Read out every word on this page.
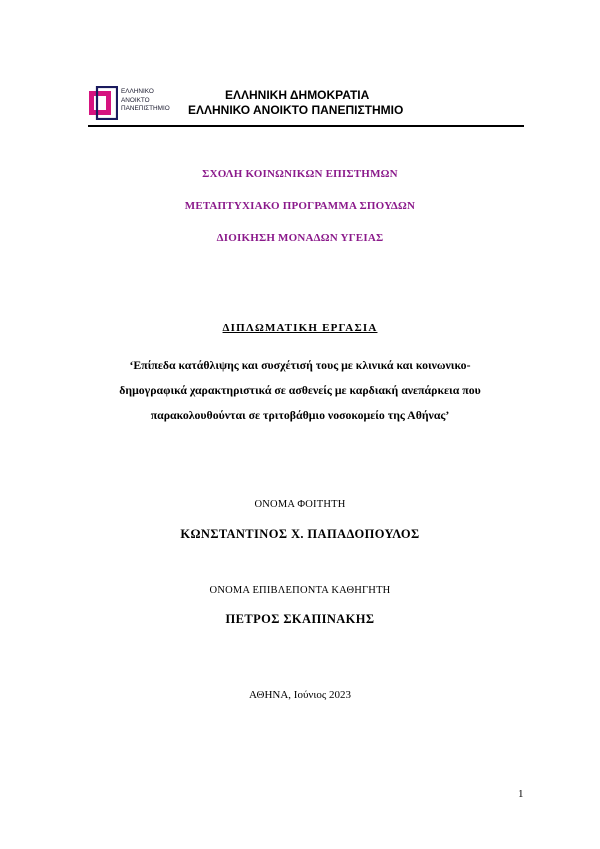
ΕΛΛΗΝΙΚΟ
ΑΝΟΙΚΤΟ
ΠΑΝΕΠΙΣΤΗΜΙΟ
ΕΛΛΗΝΙΚΗ ΔΗΜΟΚΡΑΤΙΑ
ΕΛΛΗΝΙΚΟ ΑΝΟΙΚΤΟ ΠΑΝΕΠΙΣΤΗΜΙΟ
ΣΧΟΛΗ ΚΟΙΝΩΝΙΚΩΝ ΕΠΙΣΤΗΜΩΝ
ΜΕΤΑΠΤΥΧΙΑΚΟ ΠΡΟΓΡΑΜΜΑ ΣΠΟΥΔΩΝ
ΔΙΟΙΚΗΣΗ ΜΟΝΑΔΩΝ ΥΓΕΙΑΣ
ΔΙΠΛΩΜΑΤΙΚΗ ΕΡΓΑΣΙΑ
‘Επίπεδα κατάθλιψης και συσχέτισή τους με κλινικά και κοινωνικο-
δημογραφικά χαρακτηριστικά σε ασθενείς με καρδιακή ανεπάρκεια που
παρακολουθούνται σε τριτοβάθμιο νοσοκομείο της Αθήνας’
ΟΝΟΜΑ ΦΟΙΤΗΤΗ
ΚΩΝΣΤΑΝΤΙΝΟΣ Χ. ΠΑΠΑΔΟΠΟΥΛΟΣ
ΟΝΟΜΑ ΕΠΙΒΛΕΠΟΝΤΑ ΚΑΘΗΓΗΤΗ
ΠΕΤΡΟΣ ΣΚΑΠΙΝΑΚΗΣ
ΑΘΗΝΑ, Ιούνιος 2023
1
